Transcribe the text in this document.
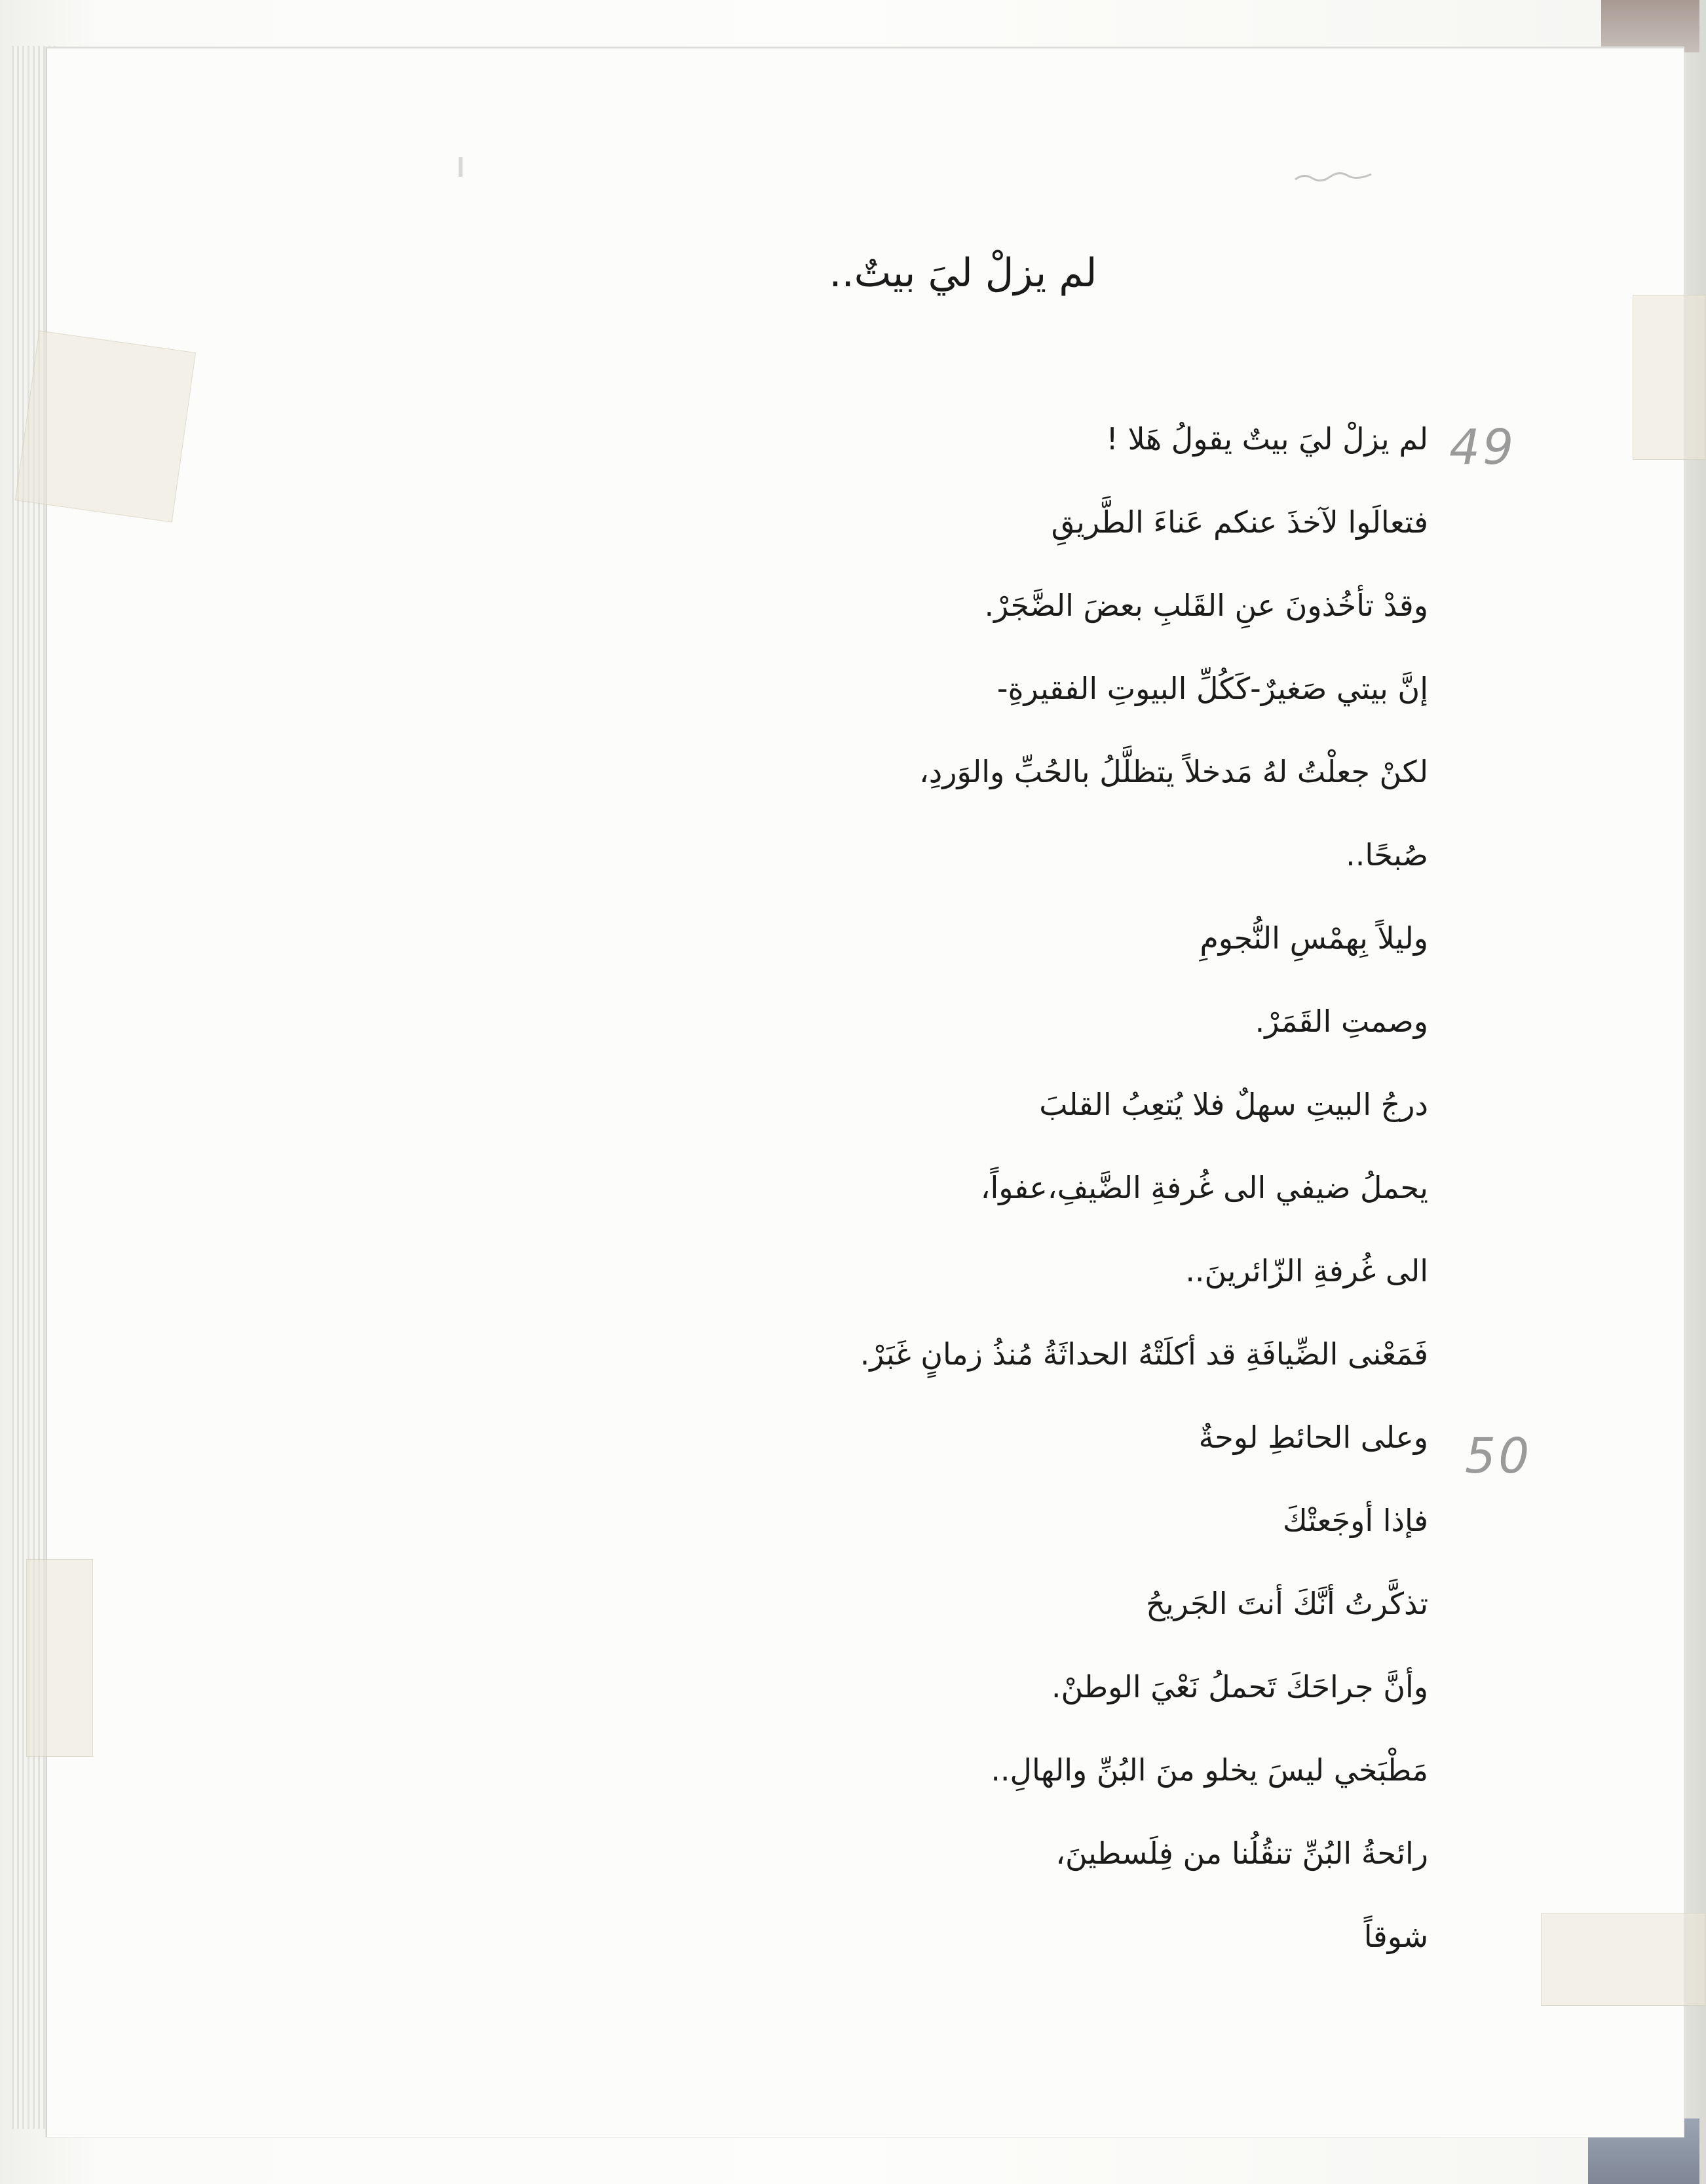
لم يزلْ ليَ بيتٌ..
49
50
لم يزلْ ليَ بيتٌ يقولُ هَلا !
فتعالَوا لآخذَ عنكم عَناءَ الطَّريقِ
وقدْ تأخُذونَ عنِ القَلبِ بعضَ الضَّجَرْ.
إنَّ بيتي صَغيرٌ-كَكُلِّ البيوتِ الفقيرةِ-
لكنْ جعلْتُ لهُ مَدخلاً يتظلَّلُ بالحُبِّ والوَردِ،
صُبحًا..
وليلاً بِهمْسِ النُّجومِ
وصمتِ القَمَرْ.
درجُ البيتِ سهلٌ فلا يُتعِبُ القلبَ
يحملُ ضيفي الى غُرفةِ الضَّيفِ،عفواً،
الى غُرفةِ الزّائرينَ..
فَمَعْنى الضِّيافَةِ قد أكلَتْهُ الحداثَةُ مُنذُ زمانٍ غَبَرْ.
وعلى الحائطِ لوحةٌ
فإذا أوجَعتْكَ
تذكَّرتُ أنَّكَ أنتَ الجَريحُ
وأنَّ جراحَكَ تَحملُ نَعْيَ الوطنْ.
مَطْبَخي ليسَ يخلو منَ البُنِّ والهالِ..
رائحةُ البُنِّ تنقُلُنا من فِلَسطينَ،
شوقاً
